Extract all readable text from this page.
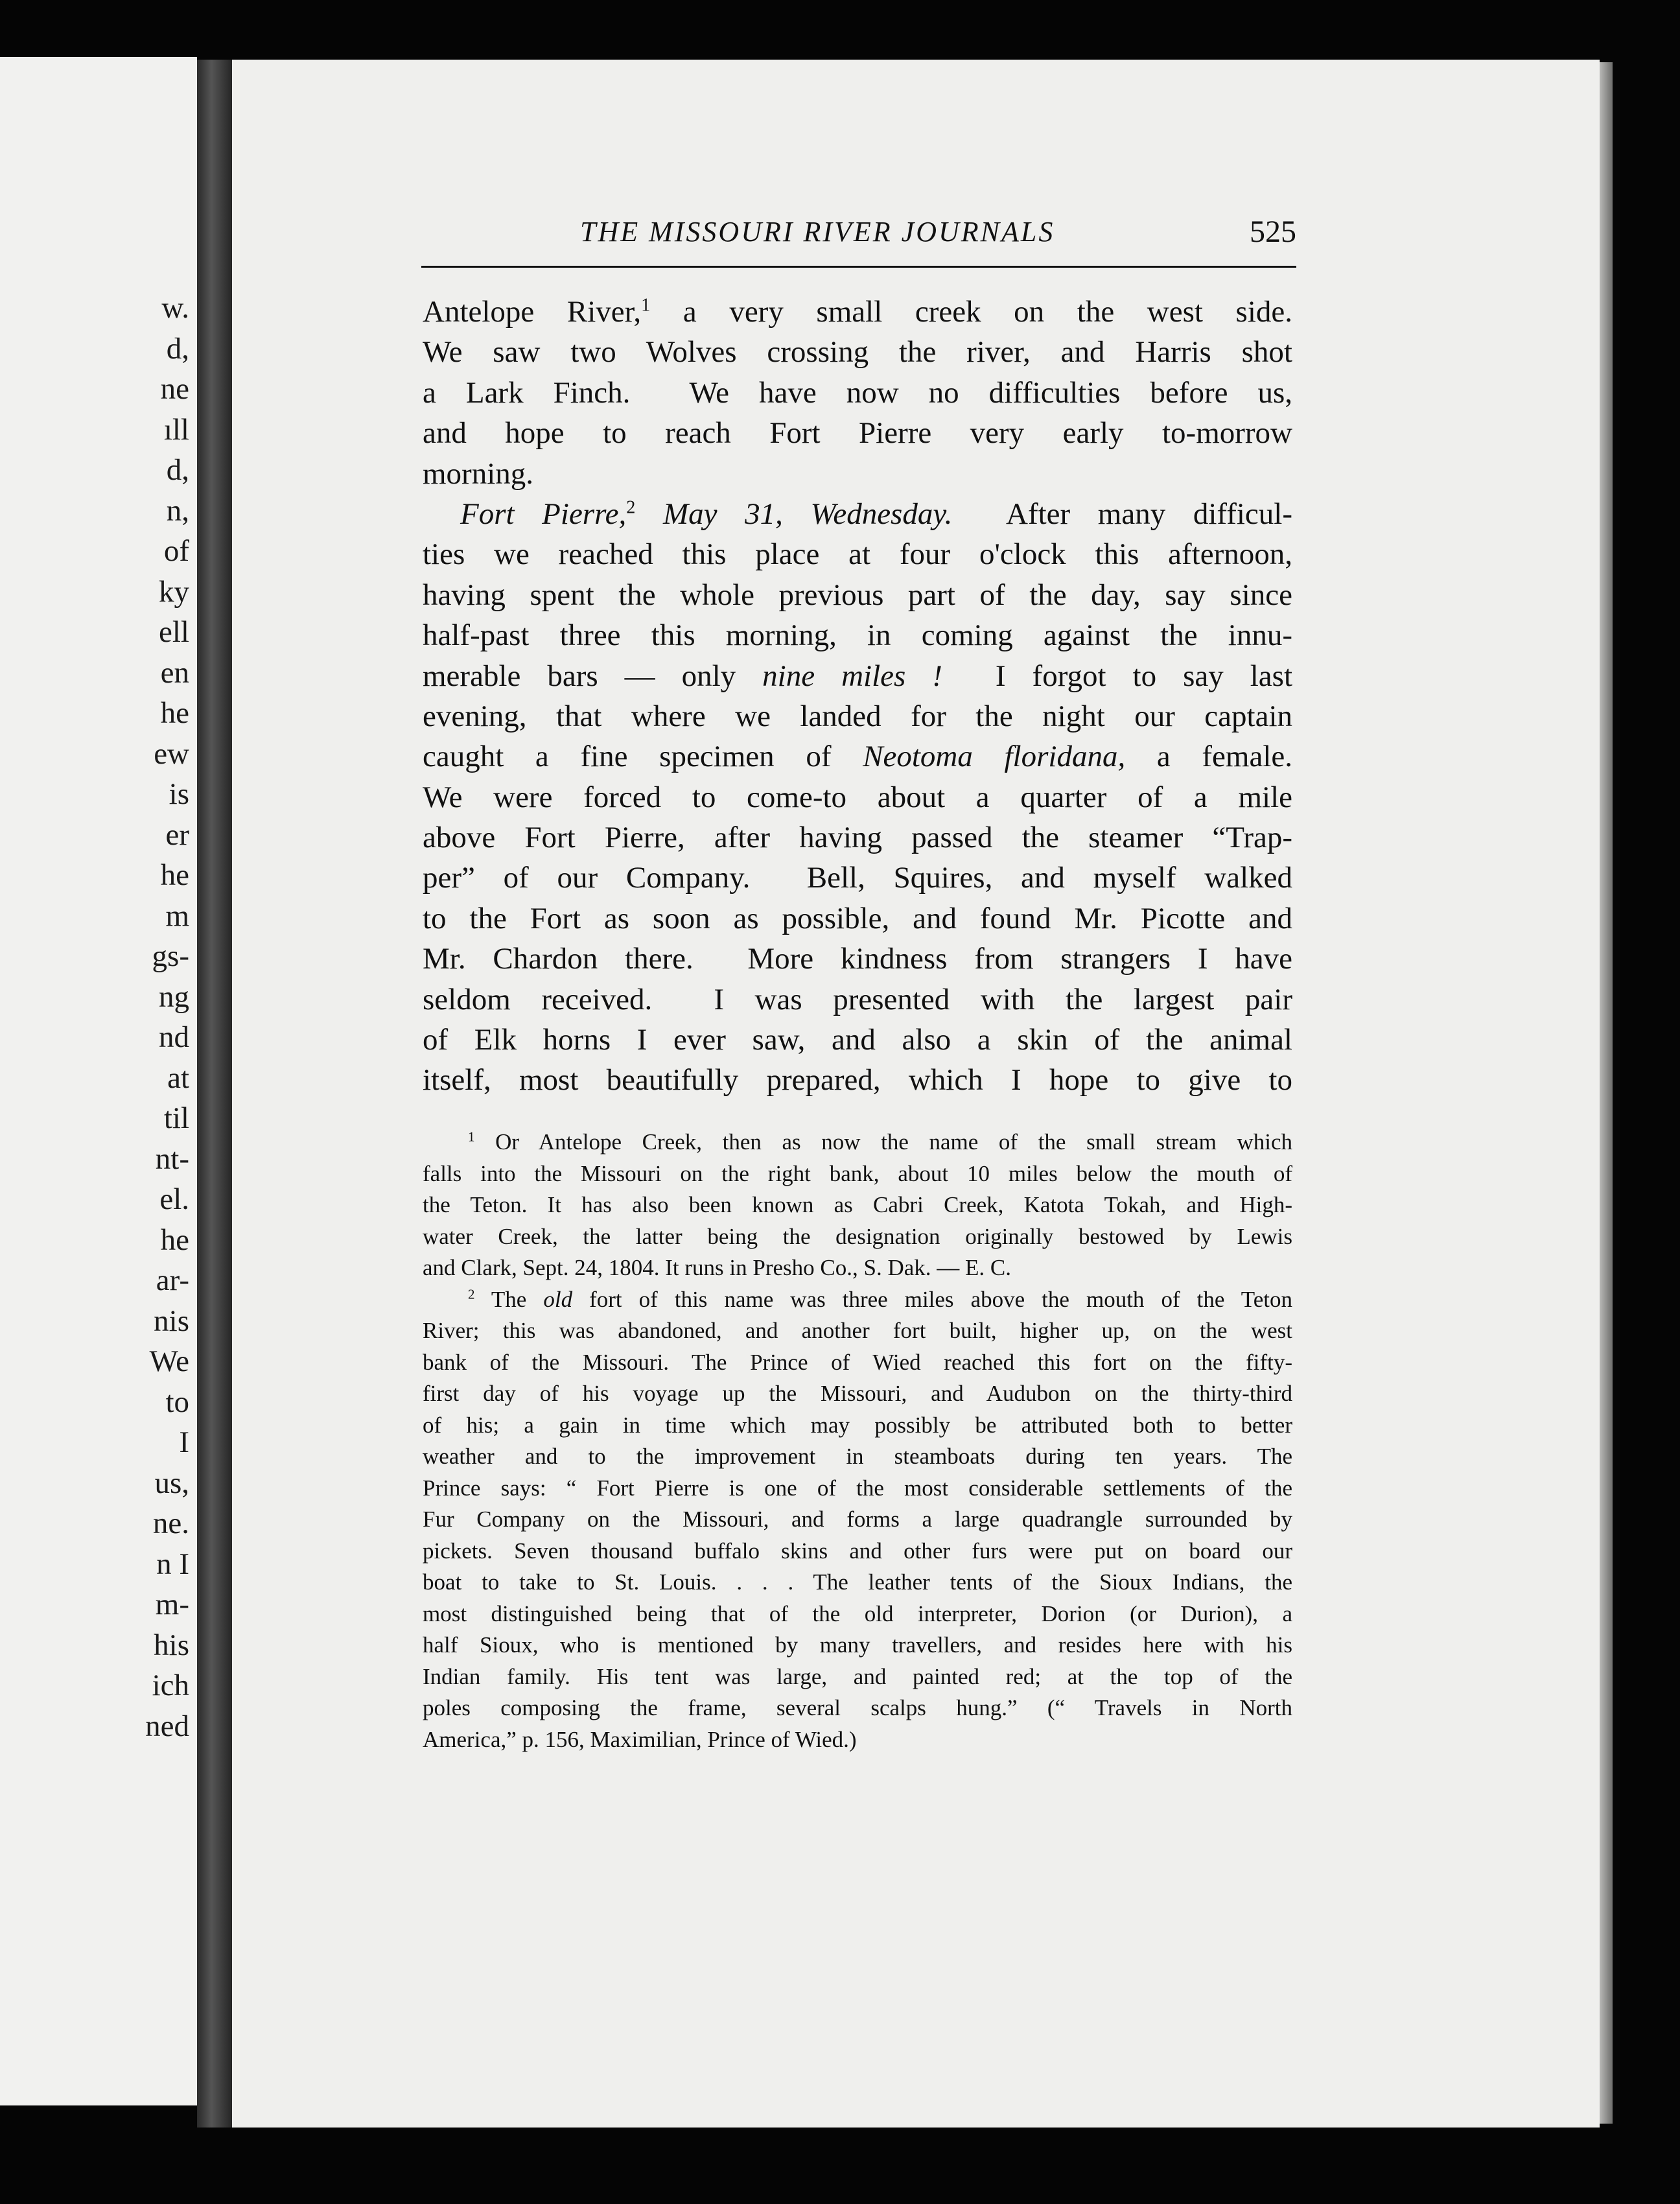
w.
d,
ne
ıll
d,
n,
of
ky
ell
en
he
ew
is
er
he
m
gs-
ng
nd
at
til
nt-
el.
he
ar-
nis
We
to
I
us,
ne.
n I
m-
his
ich
ned
THE MISSOURI RIVER JOURNALS	525
Antelope River,$^1$ a very small creek on the west side.
We saw two Wolves crossing the river, and Harris shot
a Lark Finch.  We have now no difficulties before us,
and hope to reach Fort Pierre very early to-morrow
morning.
Fort Pierre,$^2$ May 31, Wednesday.  After many difficul-
ties we reached this place at four o'clock this afternoon,
having spent the whole previous part of the day, say since
half-past three this morning, in coming against the innu-
merable bars — only nine miles !  I forgot to say last
evening, that where we landed for the night our captain
caught a fine specimen of Neotoma floridana, a female.
We were forced to come-to about a quarter of a mile
above Fort Pierre, after having passed the steamer “Trap-
per” of our Company.  Bell, Squires, and myself walked
to the Fort as soon as possible, and found Mr. Picotte and
Mr. Chardon there.  More kindness from strangers I have
seldom received.  I was presented with the largest pair
of Elk horns I ever saw, and also a skin of the animal
itself, most beautifully prepared, which I hope to give to
$^1$ Or Antelope Creek, then as now the name of the small stream which
falls into the Missouri on the right bank, about 10 miles below the mouth of
the Teton. It has also been known as Cabri Creek, Katota Tokah, and High-
water Creek, the latter being the designation originally bestowed by Lewis
and Clark, Sept. 24, 1804. It runs in Presho Co., S. Dak. — E. C.
$^2$ The old fort of this name was three miles above the mouth of the Teton
River; this was abandoned, and another fort built, higher up, on the west
bank of the Missouri. The Prince of Wied reached this fort on the fifty-
first day of his voyage up the Missouri, and Audubon on the thirty-third
of his; a gain in time which may possibly be attributed both to better
weather and to the improvement in steamboats during ten years. The
Prince says: “ Fort Pierre is one of the most considerable settlements of the
Fur Company on the Missouri, and forms a large quadrangle surrounded by
pickets. Seven thousand buffalo skins and other furs were put on board our
boat to take to St. Louis. . . . The leather tents of the Sioux Indians, the
most distinguished being that of the old interpreter, Dorion (or Durion), a
half Sioux, who is mentioned by many travellers, and resides here with his
Indian family. His tent was large, and painted red; at the top of the
poles composing the frame, several scalps hung.” (“ Travels in North
America,” p. 156, Maximilian, Prince of Wied.)
